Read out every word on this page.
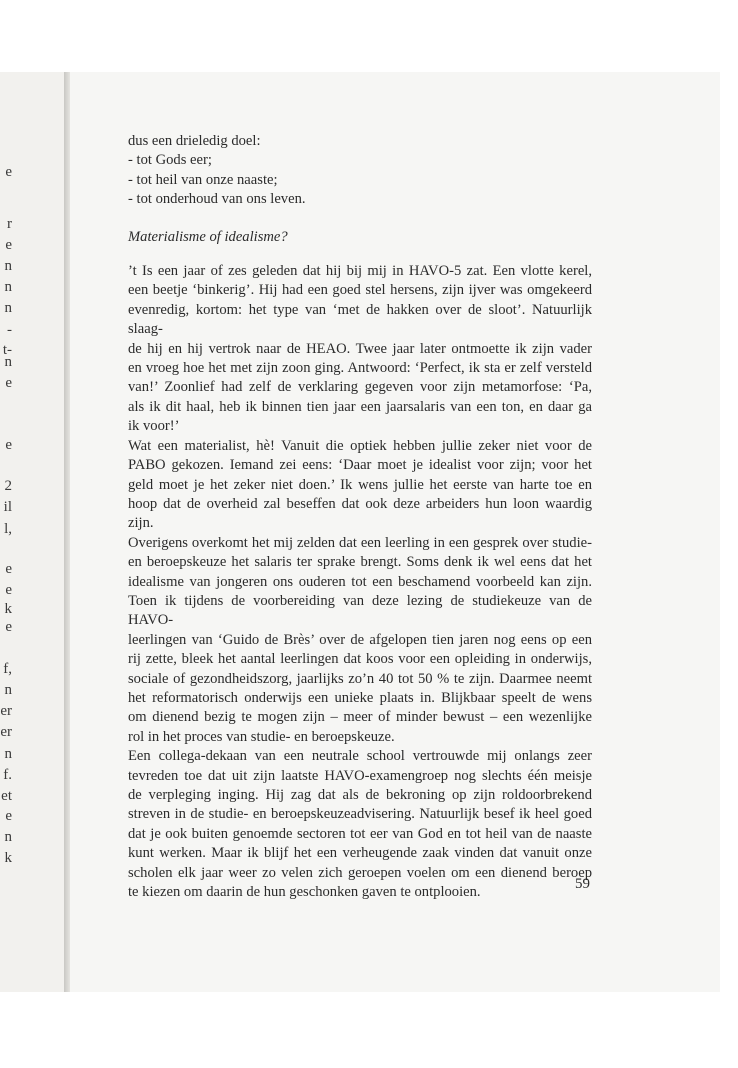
e
r
e
n
n
n
-
t-
n
e
e
2
il
l,
e
e
k
e
f,
n
er
er
n
f.
et
e
n
k
dus een drieledig doel:
- tot Gods eer;
- tot heil van onze naaste;
- tot onderhoud van ons leven.
Materialisme of idealisme?
’t Is een jaar of zes geleden dat hij bij mij in HAVO-5 zat. Een vlotte kerel,
een beetje ‘binkerig’. Hij had een goed stel hersens, zijn ijver was omgekeerd
evenredig, kortom: het type van ‘met de hakken over de sloot’. Natuurlijk slaag-
de hij en hij vertrok naar de HEAO. Twee jaar later ontmoette ik zijn vader
en vroeg hoe het met zijn zoon ging. Antwoord: ‘Perfect, ik sta er zelf versteld
van!’ Zoonlief had zelf de verklaring gegeven voor zijn metamorfose: ‘Pa,
als ik dit haal, heb ik binnen tien jaar een jaarsalaris van een ton, en daar ga
ik voor!’
Wat een materialist, hè! Vanuit die optiek hebben jullie zeker niet voor de
PABO gekozen. Iemand zei eens: ‘Daar moet je idealist voor zijn; voor het
geld moet je het zeker niet doen.’ Ik wens jullie het eerste van harte toe en
hoop dat de overheid zal beseffen dat ook deze arbeiders hun loon waardig
zijn.
Overigens overkomt het mij zelden dat een leerling in een gesprek over studie-
en beroepskeuze het salaris ter sprake brengt. Soms denk ik wel eens dat het
idealisme van jongeren ons ouderen tot een beschamend voorbeeld kan zijn.
Toen ik tijdens de voorbereiding van deze lezing de studiekeuze van de HAVO-
leerlingen van ‘Guido de Brès’ over de afgelopen tien jaren nog eens op een
rij zette, bleek het aantal leerlingen dat koos voor een opleiding in onderwijs,
sociale of gezondheidszorg, jaarlijks zo’n 40 tot 50 % te zijn. Daarmee neemt
het reformatorisch onderwijs een unieke plaats in. Blijkbaar speelt de wens
om dienend bezig te mogen zijn – meer of minder bewust – een wezenlijke
rol in het proces van studie- en beroepskeuze.
Een collega-dekaan van een neutrale school vertrouwde mij onlangs zeer
tevreden toe dat uit zijn laatste HAVO-examengroep nog slechts één meisje
de verpleging inging. Hij zag dat als de bekroning op zijn roldoorbrekend
streven in de studie- en beroepskeuzeadvisering. Natuurlijk besef ik heel goed
dat je ook buiten genoemde sectoren tot eer van God en tot heil van de naaste
kunt werken. Maar ik blijf het een verheugende zaak vinden dat vanuit onze
scholen elk jaar weer zo velen zich geroepen voelen om een dienend beroep
te kiezen om daarin de hun geschonken gaven te ontplooien.
59
